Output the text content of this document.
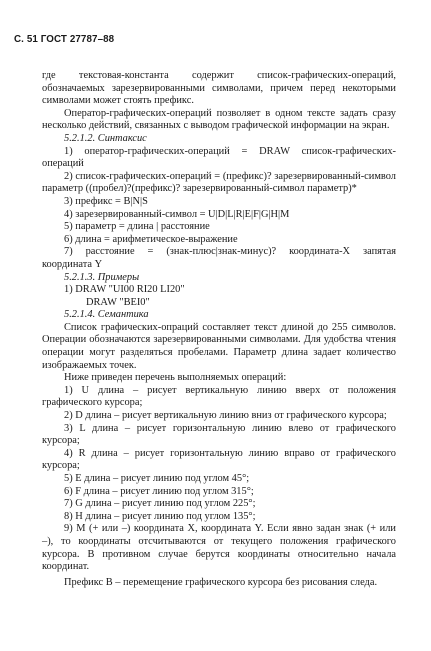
С. 51 ГОСТ 27787–88
где текстовая-константа содержит список-графических-операций, обозначаемых зарезервированными символами, причем перед некоторыми символами может стоять префикс.
Оператор-графических-операций позволяет в одном тексте задать сразу несколько действий, связанных с выводом графической информации на экран.
5.2.1.2. Синтаксис
1) оператор-графических-операций = DRAW список-графических-операций
2) список-графических-операций = (префикс)? зарезервированный-символ параметр ((пробел)?(префикс)? зарезервированный-символ параметр)*
3) префикс = B|N|S
4) зарезервированный-символ = U|D|L|R|E|F|G|H|M
5) параметр = длина | расстояние
6) длина = арифметическое-выражение
7) расстояние = (знак-плюс|знак-минус)? координата-X запятая координата Y
5.2.1.3. Примеры
1) DRAW "UI00 RI20 LI20"
DRAW "BEI0"
5.2.1.4. Семантика
Список графических-опраций составляет текст длиной до 255 символов. Операции обозначаются зарезервированными символами. Для удобства чтения операции могут разделяться пробелами. Параметр длина задает количество изображаемых точек.
Ниже приведен перечень выполняемых операций:
1) U длина – рисует вертикальную линию вверх от положения графического курсора;
2) D длина – рисует вертикальную линию вниз от графического курсора;
3) L длина – рисует горизонтальную линию влево от графического курсора;
4) R длина – рисует горизонтальную линию вправо от графического курсора;
5) E длина – рисует линию под углом 45°;
6) F длина – рисует линию под углом 315°;
7) G длина – рисует линию под углом 225°;
8) H длина – рисует линию под углом 135°;
9) M (+ или –) координата X, координата Y. Если явно задан знак (+ или –), то координаты отсчитываются от текущего положения графического курсора. В противном случае берутся координаты относительно начала координат.
Префикс B – перемещение графического курсора без рисования следа.
